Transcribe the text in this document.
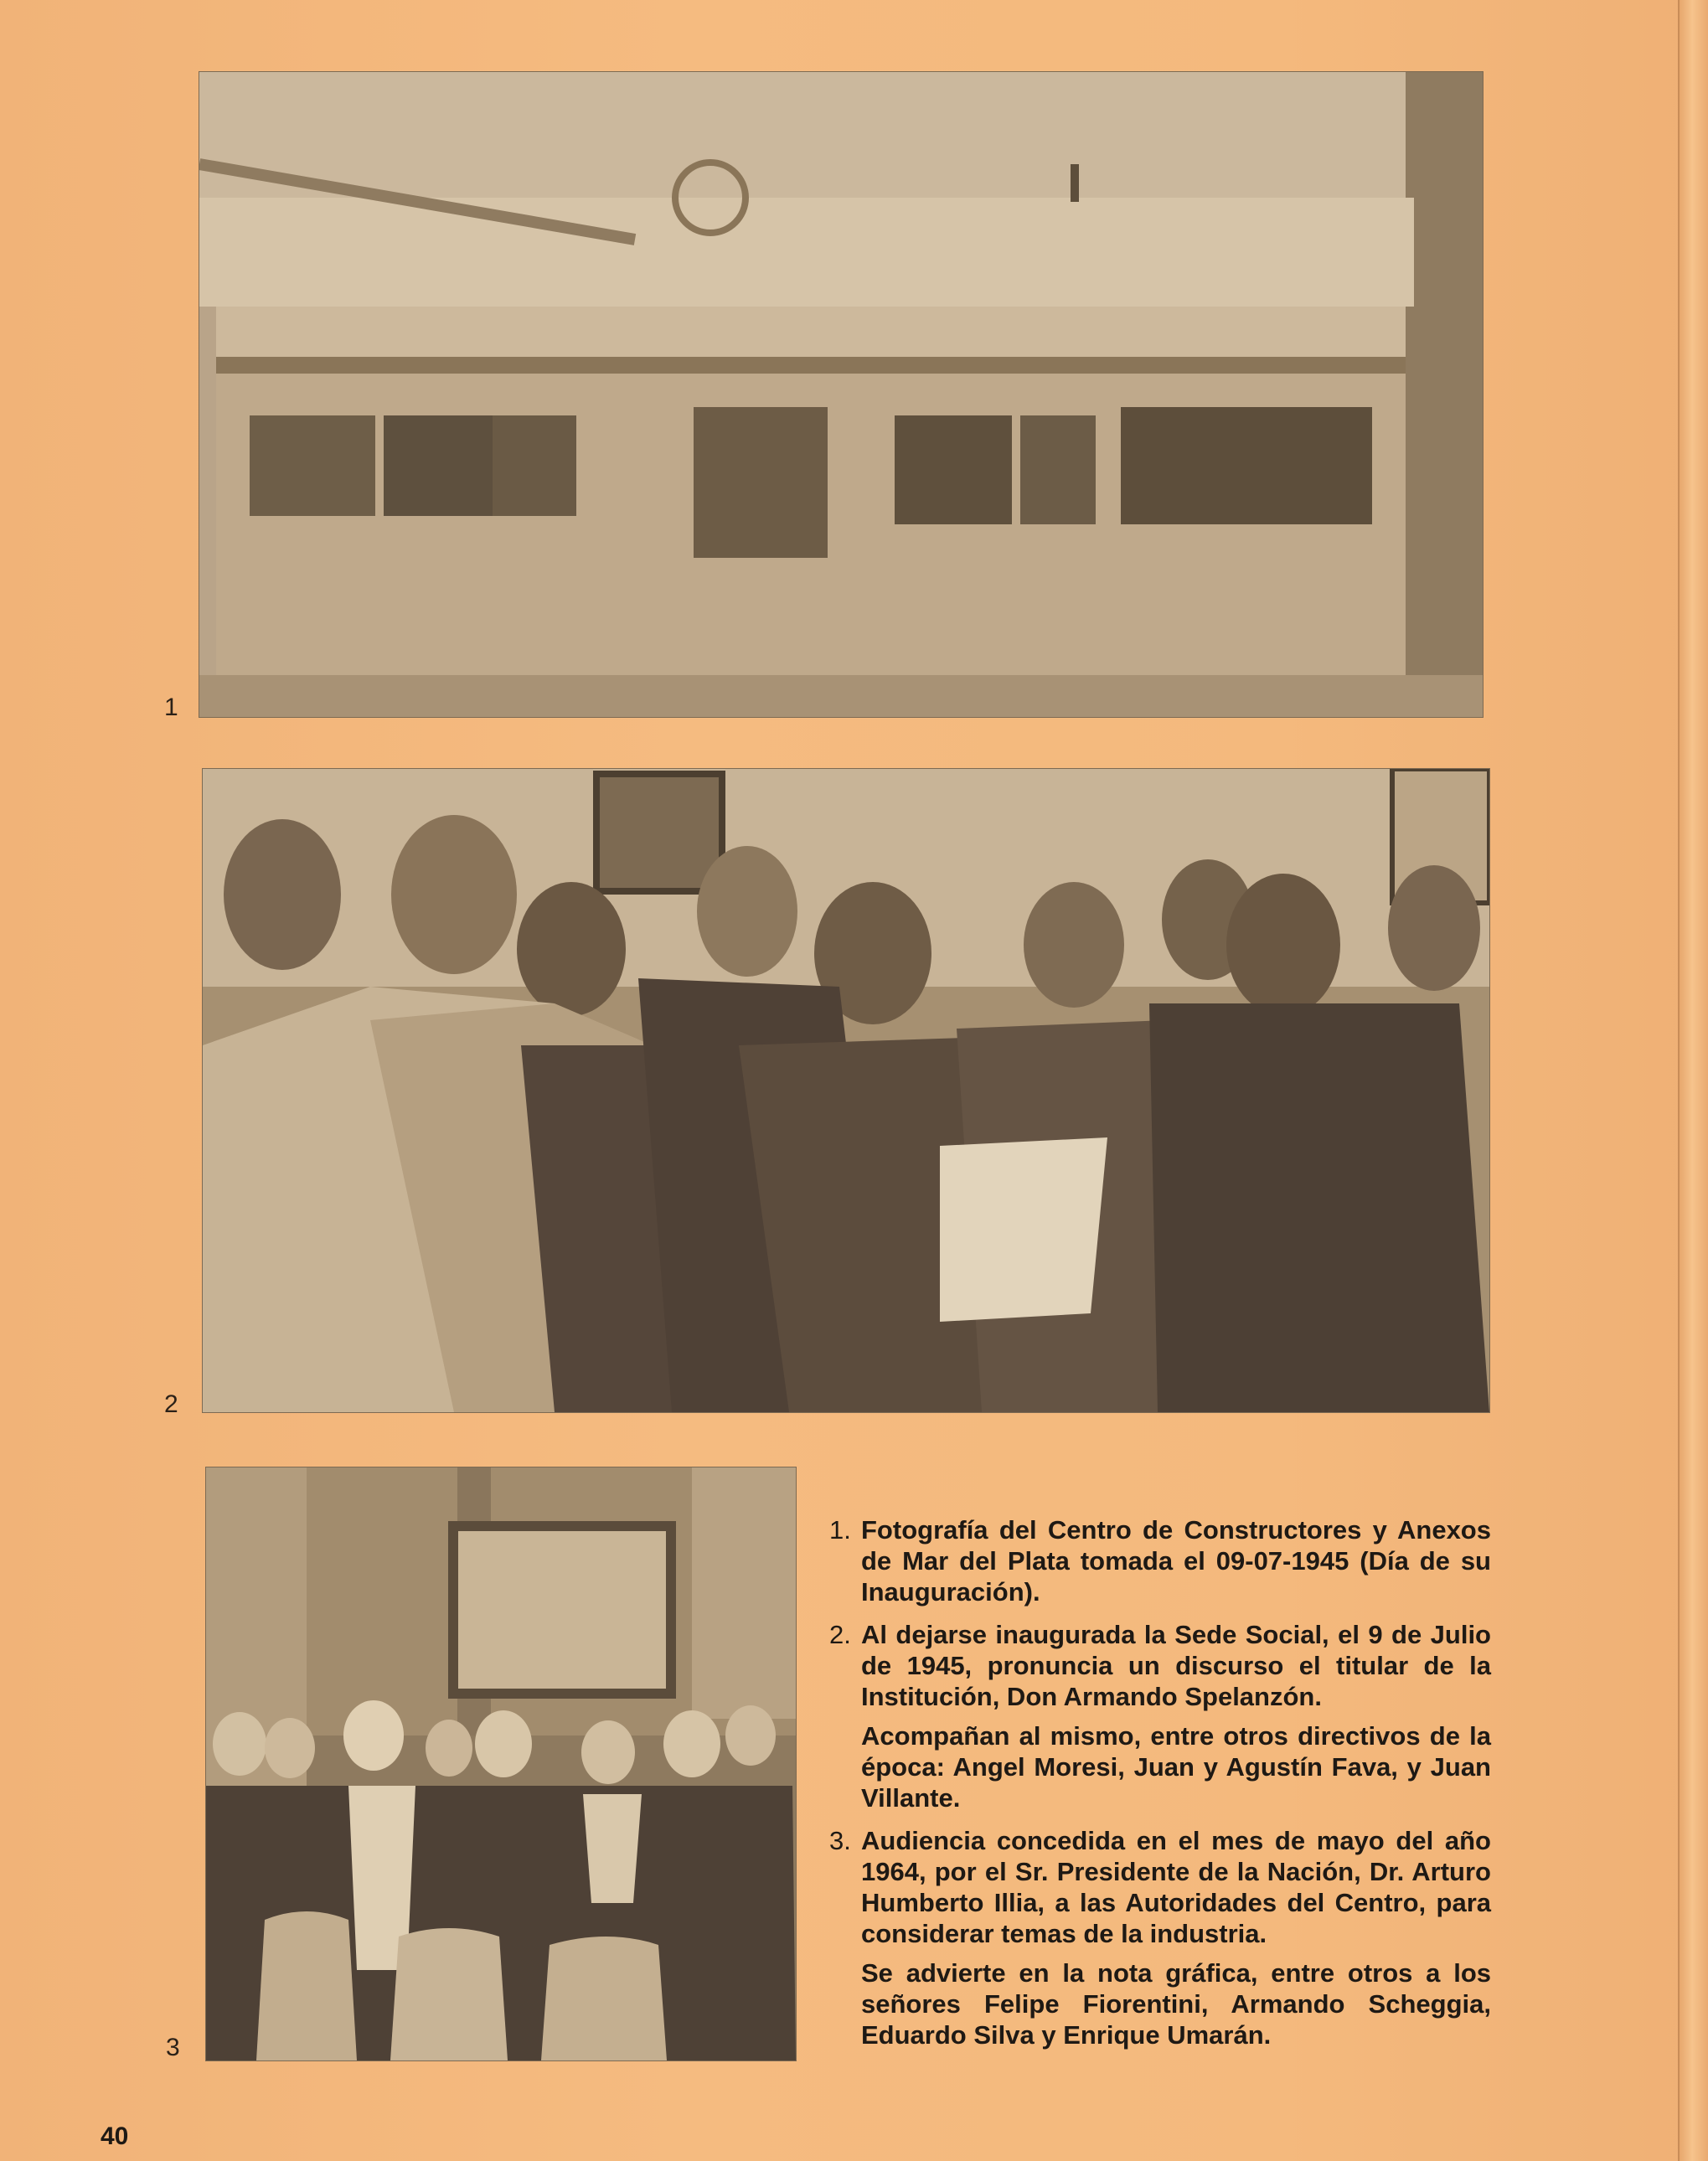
1
2
3
1. Fotografía del Centro de Constructores y Anexos de Mar del Plata tomada el 09-07-1945 (Día de su Inauguración).

2. Al dejarse inaugurada la Sede Social, el 9 de Julio de 1945, pronuncia un discurso el titular de la Institución, Don Armando Spelanzón.

Acompañan al mismo, entre otros directivos de la época: Angel Moresi, Juan y Agustín Fava, y Juan Villante.

3. Audiencia concedida en el mes de mayo del año 1964, por el Sr. Presidente de la Nación, Dr. Arturo Humberto Illia, a las Autoridades del Centro, para considerar temas de la industria.

Se advierte en la nota gráfica, entre otros a los señores Felipe Fiorentini, Armando Scheggia, Eduardo Silva y Enrique Umarán.

40
